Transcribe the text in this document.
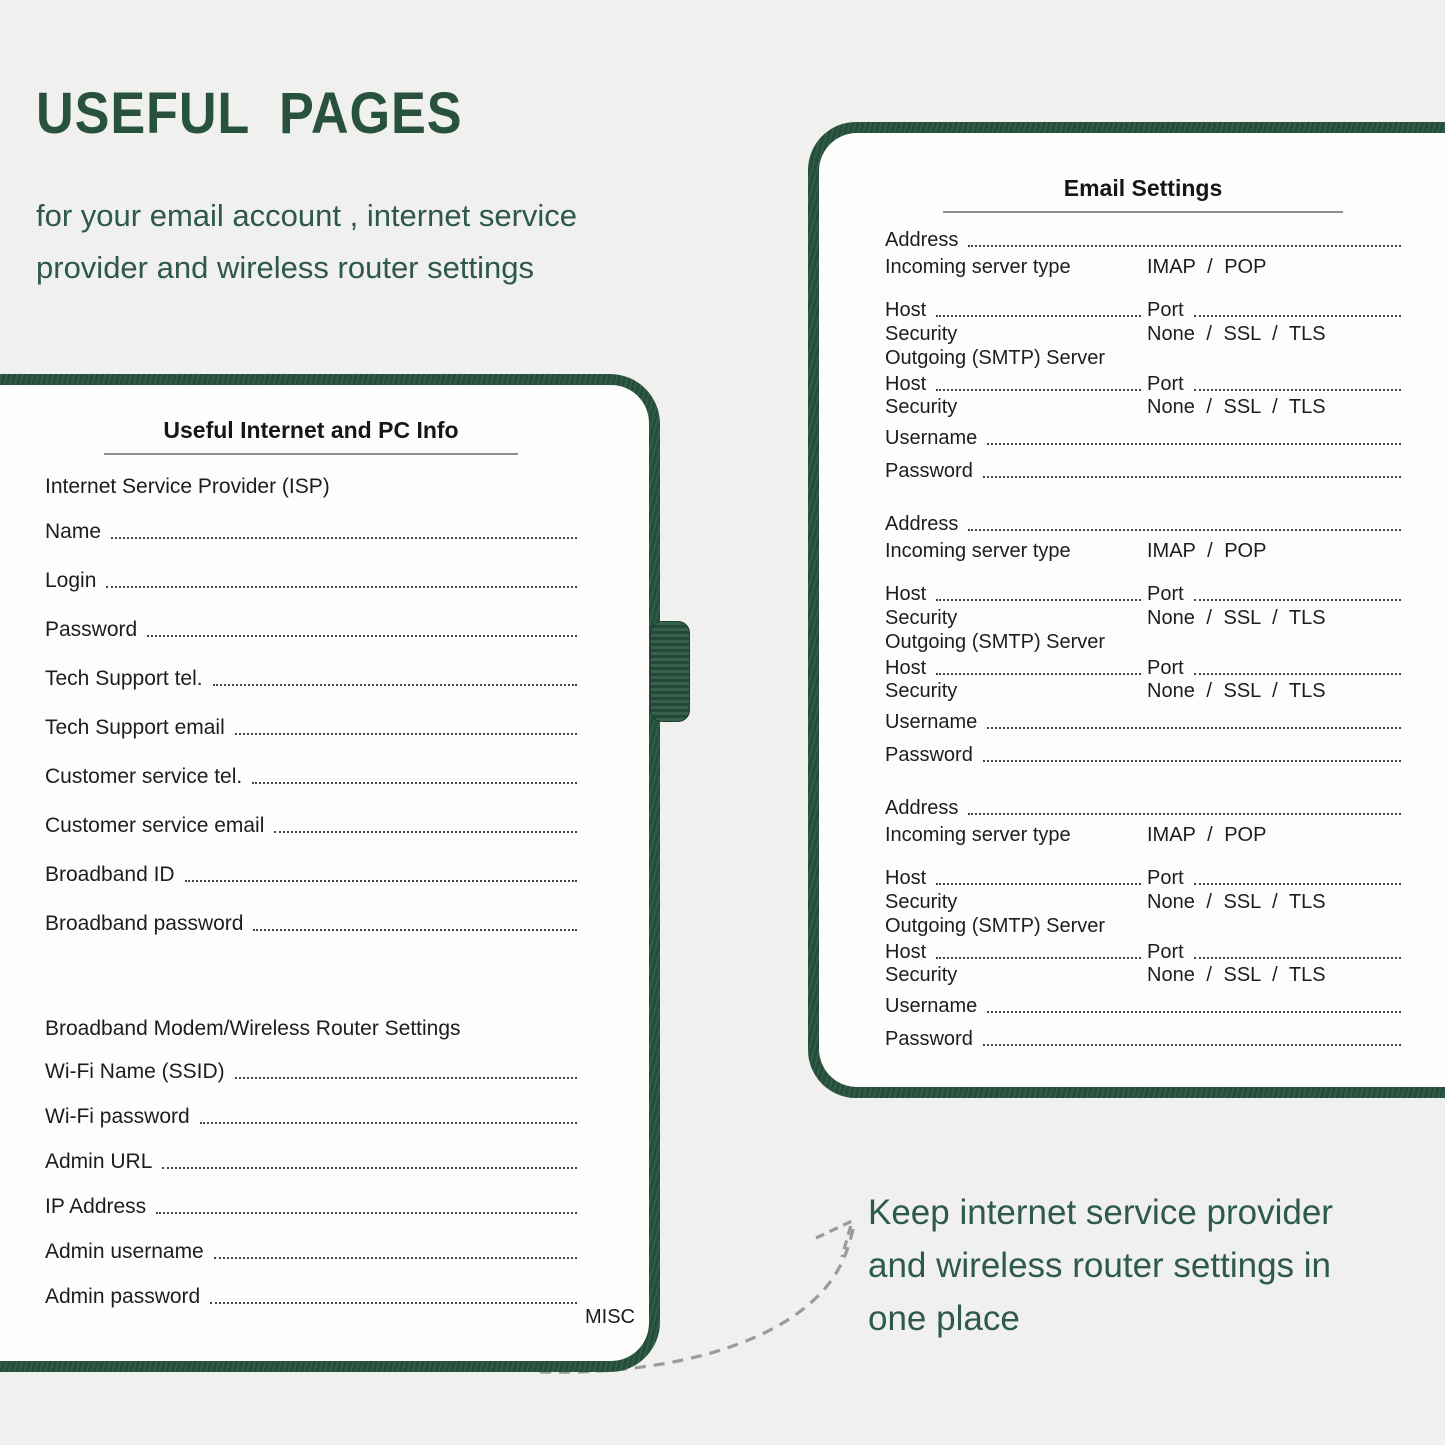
USEFUL PAGES
for your email account , internet service
provider and wireless router settings
Useful Internet and PC Info
Internet Service Provider (ISP)
Name
Login
Password
Tech Support tel.
Tech Support email
Customer service tel.
Customer service email
Broadband ID
Broadband password
Broadband Modem/Wireless Router Settings
Wi-Fi Name (SSID)
Wi-Fi password
Admin URL
IP Address
Admin username
Admin password
MISC
Email Settings
Address
Incoming server type	IMAP / POP
Host	Port
Security	None / SSL / TLS
Outgoing (SMTP) Server
Host	Port
Security	None / SSL / TLS
Username
Password
Address
Incoming server type	IMAP / POP
Host	Port
Security	None / SSL / TLS
Outgoing (SMTP) Server
Host	Port
Security	None / SSL / TLS
Username
Password
Address
Incoming server type	IMAP / POP
Host	Port
Security	None / SSL / TLS
Outgoing (SMTP) Server
Host	Port
Security	None / SSL / TLS
Username
Password
Keep internet service provider
and wireless router settings in
one place
